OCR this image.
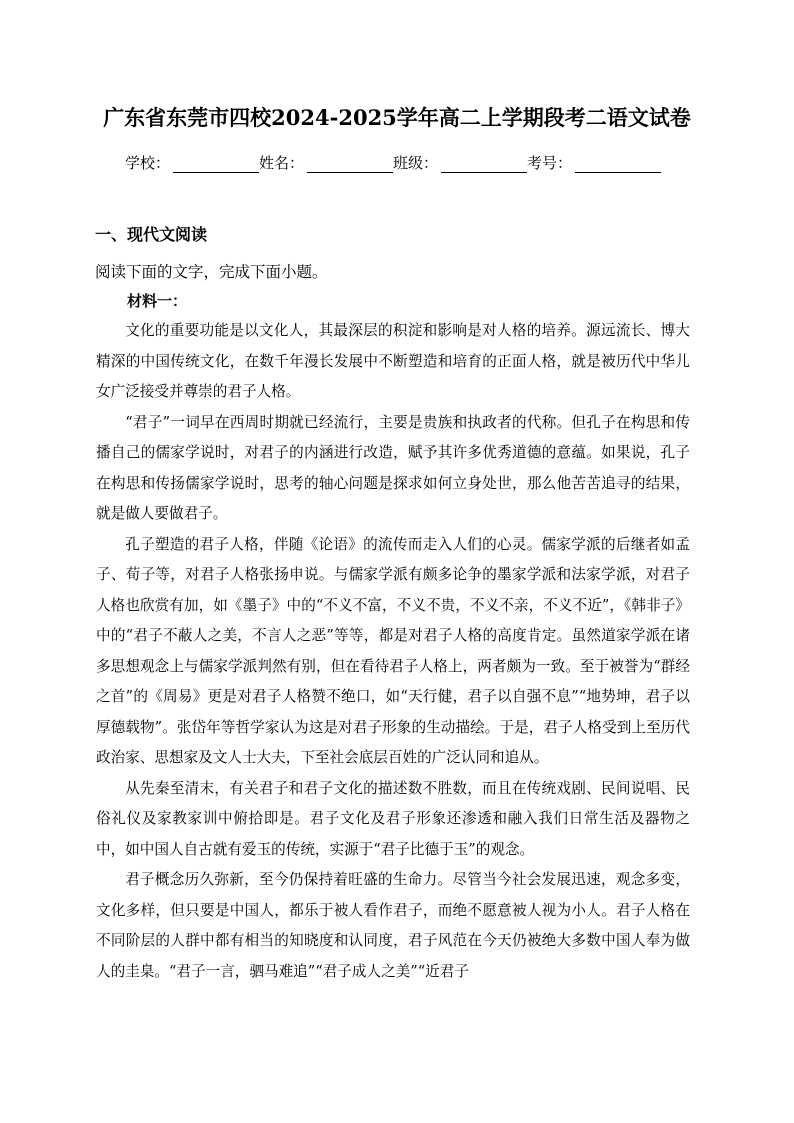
广东省东莞市四校2024-2025学年高二上学期段考二语文试卷
学校：	姓名：	班级：	考号：
一、现代文阅读

阅读下面的文字，完成下面小题。

材料一：

文化的重要功能是以文化人，其最深层的积淀和影响是对人格的培养。源远流长、博大精深的中国传统文化，在数千年漫长发展中不断塑造和培育的正面人格，就是被历代中华儿女广泛接受并尊崇的君子人格。

“君子”一词早在西周时期就已经流行，主要是贵族和执政者的代称。但孔子在构思和传播自己的儒家学说时，对君子的内涵进行改造，赋予其许多优秀道德的意蕴。如果说，孔子在构思和传扬儒家学说时，思考的轴心问题是探求如何立身处世，那么他苦苦追寻的结果，就是做人要做君子。

孔子塑造的君子人格，伴随《论语》的流传而走入人们的心灵。儒家学派的后继者如孟子、荀子等，对君子人格张扬申说。与儒家学派有颇多论争的墨家学派和法家学派，对君子人格也欣赏有加，如《墨子》中的“不义不富，不义不贵，不义不亲，不义不近”，《韩非子》中的“君子不蔽人之美，不言人之恶”等等，都是对君子人格的高度肯定。虽然道家学派在诸多思想观念上与儒家学派判然有别，但在看待君子人格上，两者颇为一致。至于被誉为“群经之首”的《周易》更是对君子人格赞不绝口，如“天行健，君子以自强不息”“地势坤，君子以厚德载物”。张岱年等哲学家认为这是对君子形象的生动描绘。于是，君子人格受到上至历代政治家、思想家及文人士大夫，下至社会底层百姓的广泛认同和追从。

从先秦至清末，有关君子和君子文化的描述数不胜数，而且在传统戏剧、民间说唱、民俗礼仪及家教家训中俯拾即是。君子文化及君子形象还渗透和融入我们日常生活及器物之中，如中国人自古就有爱玉的传统，实源于“君子比德于玉”的观念。

君子概念历久弥新，至今仍保持着旺盛的生命力。尽管当今社会发展迅速，观念多变，文化多样，但只要是中国人，都乐于被人看作君子，而绝不愿意被人视为小人。君子人格在不同阶层的人群中都有相当的知晓度和认同度，君子风范在今天仍被绝大多数中国人奉为做人的圭臬。“君子一言，驷马难追”“君子成人之美”“近君子
